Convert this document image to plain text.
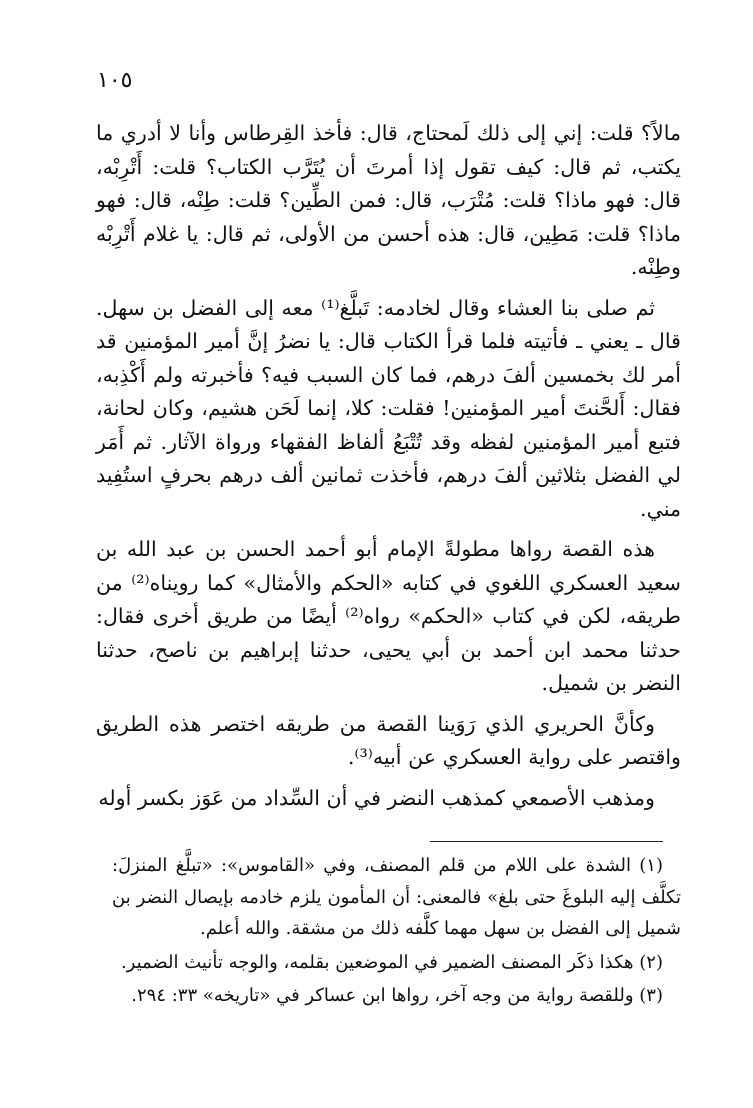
١٠٥

مالاً؟ قلت: إني إلى ذلك لَمحتاج، قال: فأخذ القِرطاس وأنا لا أدري ما يكتب، ثم قال: كيف تقول إذا أمرتَ أن يُتَرَّب الكتاب؟ قلت: أَتْرِبْه، قال: فهو ماذا؟ قلت: مُتْرَب، قال: فمن الطِّين؟ قلت: طِنْه، قال: فهو ماذا؟ قلت: مَطِين، قال: هذه أحسن من الأولى، ثم قال: يا غلام أَتْرِبْه وطِنْه.

ثم صلى بنا العشاء وقال لخادمه: تَبلَّغ⁽¹⁾ معه إلى الفضل بن سهل. قال ـ يعني ـ فأتيته فلما قرأ الكتاب قال: يا نضرُ إنَّ أمير المؤمنين قد أمر لك بخمسين ألفَ درهم، فما كان السبب فيه؟ فأخبرته ولم أَكْذِبه، فقال: أَلحَّنتَ أمير المؤمنين! فقلت: كلا، إنما لَحَن هشيم، وكان لحانة، فتبع أمير المؤمنين لفظه وقد تُتْبَعُ ألفاظ الفقهاء ورواة الآثار. ثم أَمَر لي الفضل بثلاثين ألفَ درهم، فأخذت ثمانين ألف درهم بحرفٍ استُفِيد مني.

هذه القصة رواها مطولةً الإمام أبو أحمد الحسن بن عبد الله بن سعيد العسكري اللغوي في كتابه «الحكم والأمثال» كما رويناه⁽²⁾ من طريقه، لكن في كتاب «الحكم» رواه⁽²⁾ أيضًا من طريق أخرى فقال: حدثنا محمد ابن أحمد بن أبي يحيى، حدثنا إبراهيم بن ناصح، حدثنا النضر بن شميل.

وكأنَّ الحريري الذي رَوَينا القصة من طريقه اختصر هذه الطريق واقتصر على رواية العسكري عن أبيه⁽³⁾.

ومذهب الأصمعي كمذهب النضر في أن السِّداد من عَوَز بكسر أوله

(١) الشدة على اللام من قلم المصنف، وفي «القاموس»: «تبلَّغ المنزلَ: تكلَّف إليه البلوغَ حتى بلغ» فالمعنى: أن المأمون يلزم خادمه بإيصال النضر بن شميل إلى الفضل بن سهل مهما كلَّفه ذلك من مشقة. والله أعلم.

(٢) هكذا ذكَر المصنف الضمير في الموضعين بقلمه، والوجه تأنيث الضمير.

(٣) وللقصة رواية من وجه آخر، رواها ابن عساكر في «تاريخه» ٣٣: ٢٩٤.
